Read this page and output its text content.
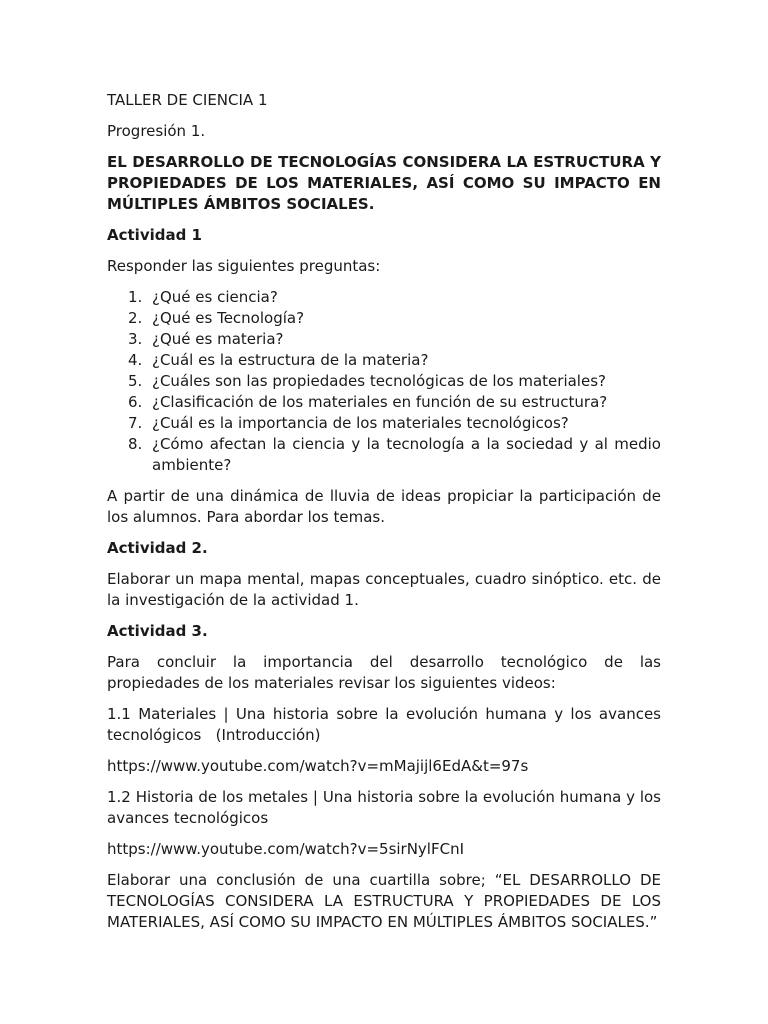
TALLER DE CIENCIA 1

Progresión 1.

EL DESARROLLO DE TECNOLOGÍAS CONSIDERA LA ESTRUCTURA Y PROPIEDADES DE LOS MATERIALES, ASÍ COMO SU IMPACTO EN MÚLTIPLES ÁMBITOS SOCIALES.

Actividad 1

Responder las siguientes preguntas:

1. ¿Qué es ciencia?
2. ¿Qué es Tecnología?
3. ¿Qué es materia?
4. ¿Cuál es la estructura de la materia?
5. ¿Cuáles son las propiedades tecnológicas de los materiales?
6. ¿Clasificación de los materiales en función de su estructura?
7. ¿Cuál es la importancia de los materiales tecnológicos?
8. ¿Cómo afectan la ciencia y la tecnología a la sociedad y al medio ambiente?

A partir de una dinámica de lluvia de ideas propiciar la participación de los alumnos. Para abordar los temas.

Actividad 2.

Elaborar un mapa mental, mapas conceptuales, cuadro sinóptico. etc. de la investigación de la actividad 1.

Actividad 3.

Para concluir la importancia del desarrollo tecnológico de las propiedades de los materiales revisar los siguientes videos:

1.1 Materiales | Una historia sobre la evolución humana y los avances tecnológicos   (Introducción)

https://www.youtube.com/watch?v=mMajijl6EdA&t=97s

1.2 Historia de los metales | Una historia sobre la evolución humana y los avances tecnológicos

https://www.youtube.com/watch?v=5sirNylFCnI

Elaborar una conclusión de una cuartilla sobre; “EL DESARROLLO DE TECNOLOGÍAS CONSIDERA LA ESTRUCTURA Y PROPIEDADES DE LOS MATERIALES, ASÍ COMO SU IMPACTO EN MÚLTIPLES ÁMBITOS SOCIALES.”
